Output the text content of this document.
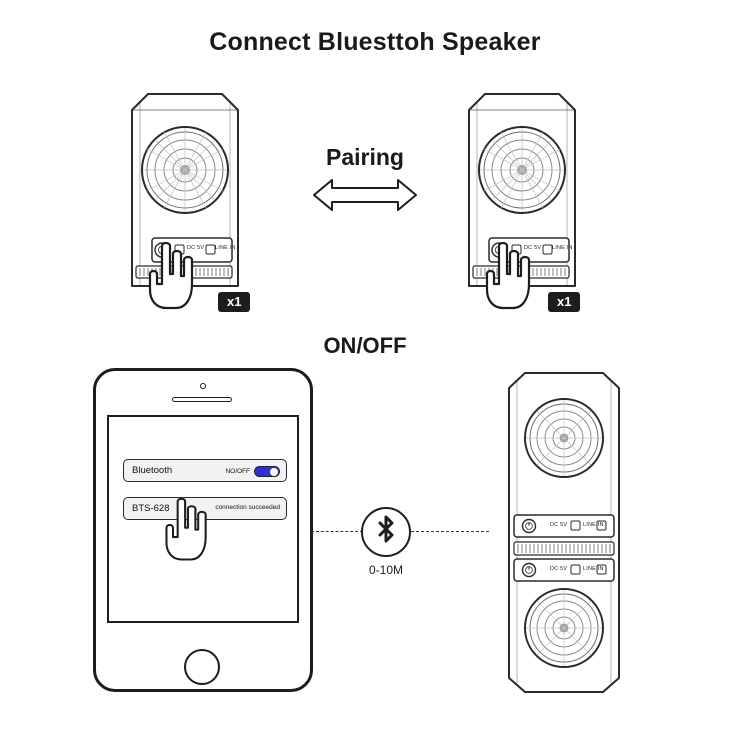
Connect Bluesttoh Speaker
DC 5V LINE IN
x1
DC 5V LINE IN
x1
Pairing
ON/OFF
Bluetooth	NO/OFF
BTS-628	connection succeeded
0-10M
DC 5V	LINE IN
DC 5V	LINE IN
